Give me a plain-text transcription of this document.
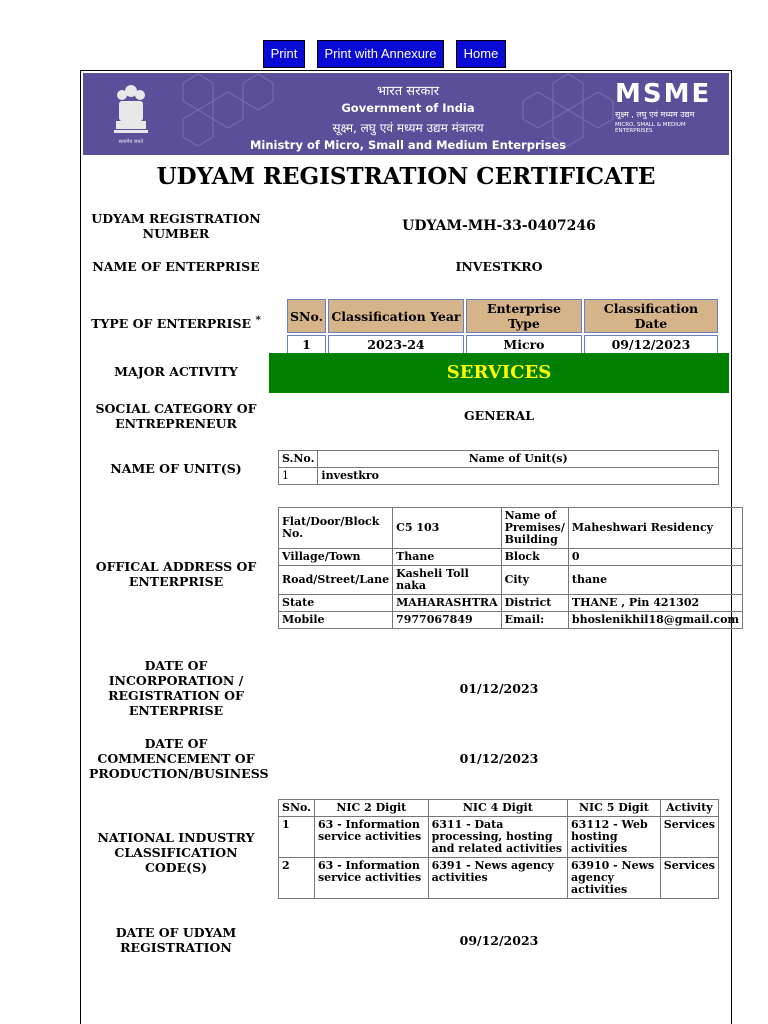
Print	Print with Annexure	Home
सत्यमेव जयते
भारत सरकार
Government of India
सूक्ष्म, लघु एवं मध्यम उद्यम मंत्रालय
Ministry of Micro, Small and Medium Enterprises
MSME
सूक्ष्म , लघु एवं मध्यम उद्यम
MICRO, SMALL & MEDIUM ENTERPRISES
UDYAM REGISTRATION CERTIFICATE
UDYAM REGISTRATION NUMBER	UDYAM-MH-33-0407246
NAME OF ENTERPRISE	INVESTKRO
TYPE OF ENTERPRISE * SNo.	Classification Year	Enterprise Type	Classification Date
1	2023-24	Micro	09/12/2023
MAJOR ACTIVITY	SERVICES
SOCIAL CATEGORY OF ENTREPRENEUR
GENERAL
NAME OF UNIT(S)
S.No.	Name of Unit(s)
1	investkro
OFFICAL ADDRESS OF ENTERPRISE
Flat/Door/Block No.	C5 103	Name of Premises/ Building	Maheshwari Residency
Village/Town	Thane	Block	0
Road/Street/Lane	Kasheli Toll naka	City	thane
State	MAHARASHTRA	District	THANE , Pin 421302
Mobile	7977067849	Email:	bhoslenikhil18@gmail.com
DATE OF INCORPORATION / REGISTRATION OF ENTERPRISE
01/12/2023
DATE OF COMMENCEMENT OF PRODUCTION/BUSINESS
01/12/2023
NATIONAL INDUSTRY CLASSIFICATION CODE(S)
SNo.	NIC 2 Digit	NIC 4 Digit	NIC 5 Digit	Activity
1	63 - Information service activities	6311 - Data processing, hosting and related activities	63112 - Web hosting activities	Services
2	63 - Information service activities	6391 - News agency activities	63910 - News agency activities	Services
DATE OF UDYAM REGISTRATION	09/12/2023
